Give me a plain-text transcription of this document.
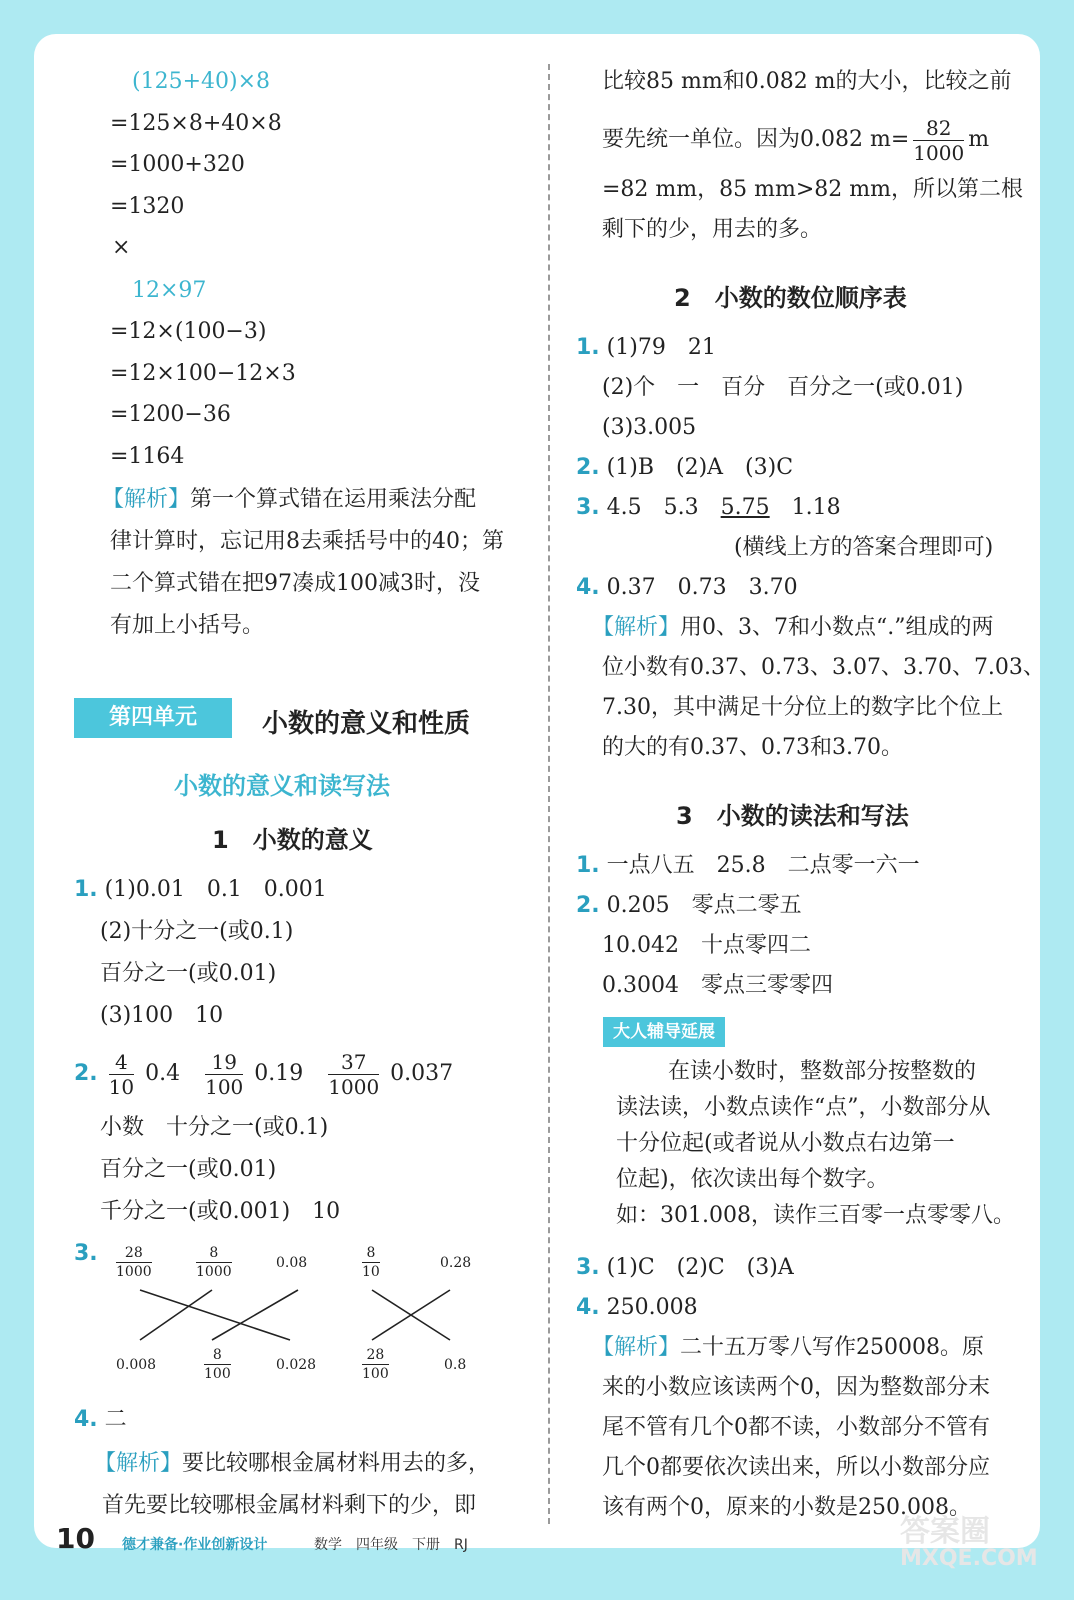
(125+40)×8
=125×8+40×8
=1000+320
=1320
×
12×97
=12×(100−3)
=12×100−12×3
=1200−36
=1164
【解析】第一个算式错在运用乘法分配
律计算时，忘记用8去乘括号中的40；第
二个算式错在把97凑成100减3时，没
有加上小括号。
第四单元	小数的意义和性质
小数的意义和读写法
1　小数的意义
1. (1)0.01　0.1　0.001
(2)十分之一(或0.1)
百分之一(或0.01)
(3)100　10
2. $\frac{4}{10} 0.4 \frac{19}{100} 0.19 \frac{37}{1000} 0.037$
小数　十分之一(或0.1)
百分之一(或0.01)
千分之一(或0.001)　10
3.	28
1000
8
1000
0.08
8
10
0.28
0.008
8
100
0.028
28
100
0.8
4. 二
【解析】要比较哪根金属材料用去的多，
首先要比较哪根金属材料剩下的少，即
比较85 mm和0.082 m的大小，比较之前
要先统一单位。因为0.082 $m= \frac{82}{1000}$ m
=82 mm，85 mm>82 mm，所以第二根
剩下的少，用去的多。
2　小数的数位顺序表
1. (1)79　21
(2)个　一　百分　百分之一(或0.01)
(3)3.005
2. (1)B　(2)A　(3)C
3. 4.5　5.3　5.75　1.18
(横线上方的答案合理即可)
4. 0.37　0.73　3.70
【解析】用0、3、7和小数点“.”组成的两
位小数有0.37、0.73、3.07、3.70、7.03、
7.30，其中满足十分位上的数字比个位上
的大的有0.37、0.73和3.70。
3　小数的读法和写法
1. 一点八五　25.8　二点零一六一
2. 0.205　零点二零五
10.042　十点零四二
0.3004　零点三零零四
大人辅导延展
在读小数时，整数部分按整数的
读法读，小数点读作“点”，小数部分从
十分位起(或者说从小数点右边第一
位起)，依次读出每个数字。
如：301.008，读作三百零一点零零八。
3. (1)C　(2)C　(3)A
4. 250.008
【解析】二十五万零八写作250008。原
来的小数应该读两个0，因为整数部分末
尾不管有几个0都不读，小数部分不管有
几个0都要依次读出来，所以小数部分应
该有两个0，原来的小数是250.008。
10 德才兼备·作业创新设计	数学　四年级　下册　RJ	答案圈
MXQE.COM
